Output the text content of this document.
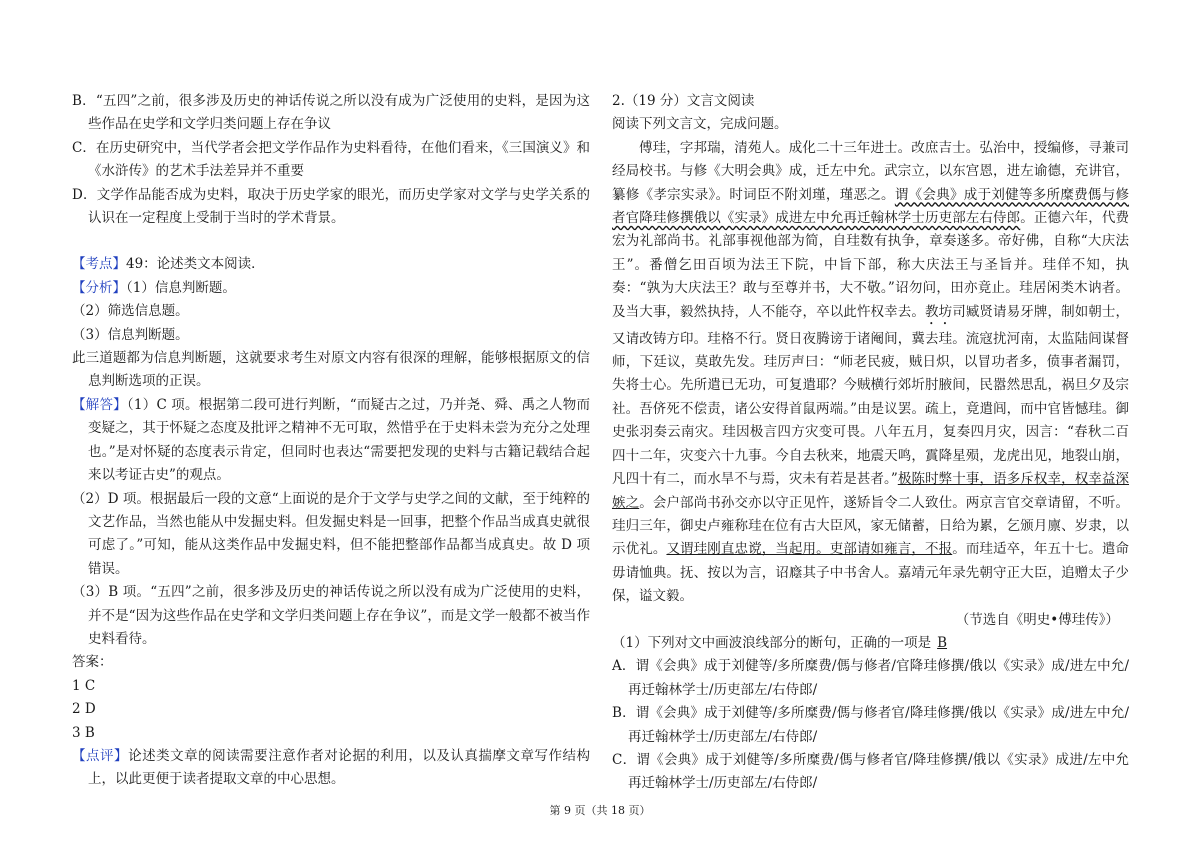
B．“五四”之前，很多涉及历史的神话传说之所以没有成为广泛使用的史料，是因为这些作品在史学和文学归类问题上存在争议

C．在历史研究中，当代学者会把文学作品作为史料看待，在他们看来，《三国演义》和《水浒传》的艺术手法差异并不重要

D．文学作品能否成为史料，取决于历史学家的眼光，而历史学家对文学与史学关系的认识在一定程度上受制于当时的学术背景。

【考点】49：论述类文本阅读．

【分析】（1）信息判断题。

（2）筛选信息题。

（3）信息判断题。

此三道题都为信息判断题，这就要求考生对原文内容有很深的理解，能够根据原文的信息判断选项的正误。

【解答】（1）C 项。根据第二段可进行判断，“而疑古之过，乃并尧、舜、禹之人物而变疑之，其于怀疑之态度及批评之精神不无可取，然惜乎在于史料未尝为充分之处理也。”是对怀疑的态度表示肯定，但同时也表达“需要把发现的史料与古籍记载结合起来以考证古史”的观点。

（2）D 项。根据最后一段的文意“上面说的是介于文学与史学之间的文献，至于纯粹的文艺作品，当然也能从中发掘史料。但发掘史料是一回事，把整个作品当成真史就很可虑了。”可知，能从这类作品中发掘史料，但不能把整部作品都当成真史。故 D 项错误。

（3）B 项。“五四”之前，很多涉及历史的神话传说之所以没有成为广泛使用的史料，并不是“因为这些作品在史学和文学归类问题上存在争议”，而是文学一般都不被当作史料看待。

答案：

1 C

2 D

3 B

【点评】论述类文章的阅读需要注意作者对论据的利用，以及认真揣摩文章写作结构上，以此更便于读者提取文章的中心思想。

2.（19 分）文言文阅读

阅读下列文言文，完成问题。

傅珪，字邦瑞，清苑人。成化二十三年进士。改庶吉士。弘治中，授编修，寻兼司经局校书。与修《大明会典》成，迁左中允。武宗立，以东宫恩，进左谕德，充讲官，纂修《孝宗实录》。时词臣不附刘瑾，瑾恶之。谓《会典》成于刘健等多所糜费傌与修者官降珪修撰俄以《实录》成进左中允再迁翰林学士历吏部左右侍郎。正德六年，代费宏为礼部尚书。礼部事视他部为简，自珪数有执争，章奏遂多。帝好佛，自称“大庆法王”。番僧乞田百顷为法王下院，中旨下部，称大庆法王与圣旨并。珪佯不知，执奏：“孰为大庆法王？敢与至尊并书，大不敬。”诏勿问，田亦竟止。珪居闲类木讷者。及当大事，毅然执持，人不能夺，卒以此忤权幸去。教坊司臧贤请易牙牌，制如朝士，又请改铸方印。珪格不行。贤日夜腾谤于诸阉间，冀去珪。流寇扰河南，太监陆闾谋督师，下廷议，莫敢先发。珪厉声曰：“师老民疲，贼日炽，以冒功者多，偾事者漏罚，失将士心。先所遣已无功，可复遣耶？今贼横行郊圻肘腋间，民嚣然思乱，祸旦夕及宗社。吾侪死不偿责，诸公安得首鼠两端。”由是议罢。疏上，竟遣闾，而中官皆憾珪。御史张羽奏云南灾。珪因极言四方灾变可畏。八年五月，复奏四月灾，因言：“春秋二百四十二年，灾变六十九事。今自去秋来，地震天鸣，霣降星殒，龙虎出见，地裂山崩，凡四十有二，而水旱不与焉，灾未有若是甚者。”极陈时弊十事，语多斥权幸，权幸益深嫉之。会户部尚书孙交亦以守正见忤，遂矫旨令二人致仕。两京言官交章请留，不听。珪归三年，御史卢雍称珪在位有古大臣风，家无储蓄，日给为累，乞颁月廪、岁隶，以示优礼。又谓珪刚直忠谠，当起用。吏部请如雍言，不报。而珪适卒，年五十七。遣命毋请恤典。抚、按以为言，诏廕其子中书舍人。嘉靖元年录先朝守正大臣，追赠太子少保，谥文毅。

（节选自《明史•傅珪传》）

（1）下列对文中画波浪线部分的断句，正确的一项是 B

A．谓《会典》成于刘健等/多所糜费/傌与修者/官降珪修撰/俄以《实录》成/进左中允/再迁翰林学士/历吏部左/右侍郎/

B．谓《会典》成于刘健等/多所糜费/傌与修者官/降珪修撰/俄以《实录》成/进左中允/再迁翰林学士/历吏部左/右侍郎/

C．谓《会典》成于刘健等/多所糜费/傌与修者官/降珪修撰/俄以《实录》成进/左中允再迁翰林学士/历吏部左/右侍郎/

第 9 页（共 18 页）
